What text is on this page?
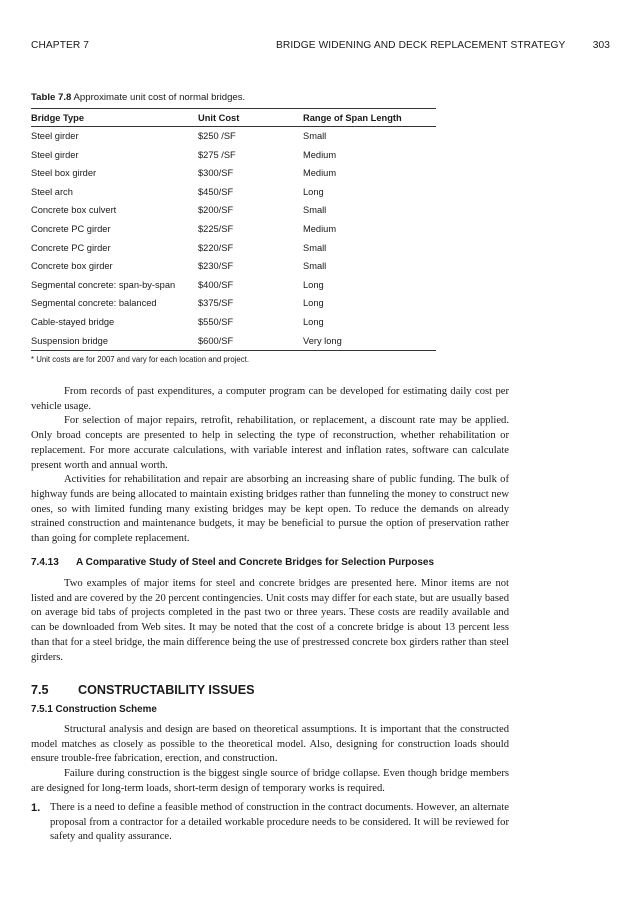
CHAPTER 7	BRIDGE WIDENING AND DECK REPLACEMENT STRATEGY	303
Table 7.8 Approximate unit cost of normal bridges.
Bridge Type	Unit Cost	Range of Span Length
Steel girder	$250 /SF	Small
Steel girder	$275 /SF	Medium
Steel box girder	$300/SF	Medium
Steel arch	$450/SF	Long
Concrete box culvert	$200/SF	Small
Concrete PC girder	$225/SF	Medium
Concrete PC girder	$220/SF	Small
Concrete box girder	$230/SF	Small
Segmental concrete: span-by-span $400/SF	Long
Segmental concrete: balanced	$375/SF	Long
Cable-stayed bridge	$550/SF	Long
Suspension bridge	$600/SF	Very long
* Unit costs are for 2007 and vary for each location and project.

From records of past expenditures, a computer program can be developed for estimating daily cost per vehicle usage.

For selection of major repairs, retrofit, rehabilitation, or replacement, a discount rate may be applied. Only broad concepts are presented to help in selecting the type of reconstruction, whether rehabilitation or replacement. For more accurate calculations, with variable interest and inflation rates, software can calculate present worth and annual worth.

Activities for rehabilitation and repair are absorbing an increasing share of public funding. The bulk of highway funds are being allocated to maintain existing bridges rather than funneling the money to construct new ones, so with limited funding many existing bridges may be kept open. To reduce the demands on already strained construction and maintenance budgets, it may be beneficial to pursue the option of preservation rather than going for complete replacement.

7.4.13 A Comparative Study of Steel and Concrete Bridges for Selection Purposes

Two examples of major items for steel and concrete bridges are presented here. Minor items are not listed and are covered by the 20 percent contingencies. Unit costs may differ for each state, but are usually based on average bid tabs of projects completed in the past two or three years. These costs are readily available and can be downloaded from Web sites. It may be noted that the cost of a concrete bridge is about 13 percent less than that for a steel bridge, the main difference being the use of prestressed concrete box girders rather than steel girders.

7.5 CONSTRUCTABILITY ISSUES
7.5.1 Construction Scheme

Structural analysis and design are based on theoretical assumptions. It is important that the constructed model matches as closely as possible to the theoretical model. Also, designing for construction loads should ensure trouble-free fabrication, erection, and construction.

Failure during construction is the biggest single source of bridge collapse. Even though bridge members are designed for long-term loads, short-term design of temporary works is required.

1. There is a need to define a feasible method of construction in the contract documents. However, an alternate proposal from a contractor for a detailed workable procedure needs to be considered. It will be reviewed for safety and quality assurance.
